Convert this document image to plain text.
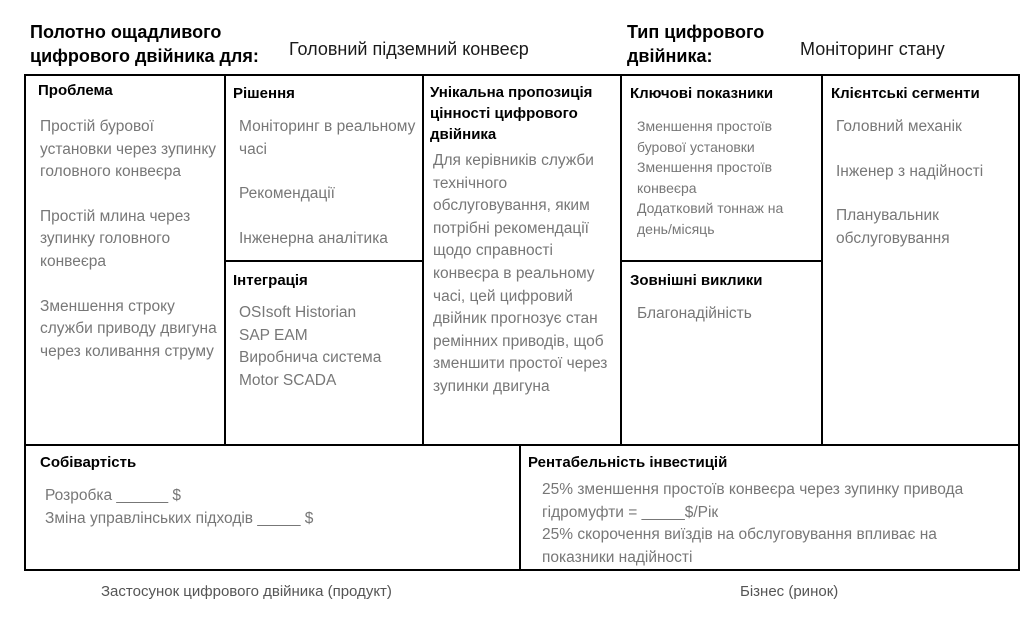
Полотно ощадливого цифрового двійника для:	Головний підземний конвеєр
Тип цифрового двійника:	Моніторинг стану
Проблема
Простій бурової установки через зупинку головного конвеєра
Простій млина через зупинку головного конвеєра
Зменшення строку служби приводу двигуна через коливання струму
Рішення
Моніторинг в реальному часі
Рекомендації
Інженерна аналітика
Інтеграція
OSIsoft Historian
SAP EAM
Виробнича система
Motor SCADA
Унікальна пропозиція цінності цифрового двійника
Для керівників служби технічного обслуговування, яким потрібні рекомендації щодо справності конвеєра в реальному часі, цей цифровий двійник прогнозує стан ремінних приводів, щоб зменшити простої через зупинки двигуна
Ключові показники
Зменшення простоїв бурової установки
Зменшення простоїв конвеєра
Додатковий тоннаж на день/місяць
Зовнішні виклики
Благонадійність
Клієнтські сегменти
Головний механік
Інженер з надійності
Планувальник обслуговування
Собівартість
Розробка ______ $
Зміна управлінських підходів _____ $
Рентабельність інвестицій
25% зменшення простоїв конвеєра через зупинку привода гідромуфти = _____$/Рік
25% скорочення виїздів на обслуговування впливає на показники надійності
Застосунок цифрового двійника (продукт)	Бізнес (ринок)
